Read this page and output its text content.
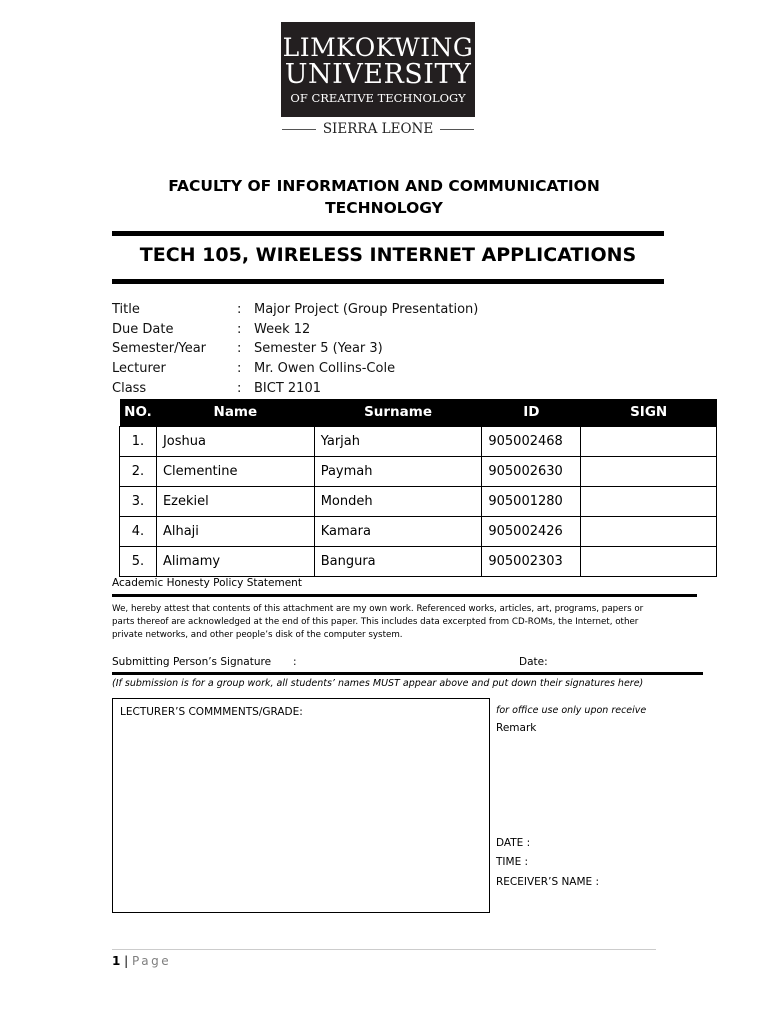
LIMKOKWING
UNIVERSITY
OF CREATIVE TECHNOLOGY
SIERRA LEONE
FACULTY OF INFORMATION AND COMMUNICATION TECHNOLOGY
TECH 105, WIRELESS INTERNET APPLICATIONS
Title	: Major Project (Group Presentation)
Due Date	: Week 12
Semester/Year	: Semester 5 (Year 3)
Lecturer	: Mr. Owen Collins-Cole
Class	: BICT 2101
NO.	Name	Surname	ID	SIGN
1.	Joshua	Yarjah	905002468	
2.	Clementine	Paymah	905002630	
3.	Ezekiel	Mondeh	905001280	
4.	Alhaji	Kamara	905002426	
5.	Alimamy	Bangura	905002303	
Academic Honesty Policy Statement
We, hereby attest that contents of this attachment are my own work. Referenced works, articles, art, programs, papers or parts thereof are acknowledged at the end of this paper. This includes data excerpted from CD-ROMs, the Internet, other private networks, and other people’s disk of the computer system.
Submitting Person’s Signature :	Date:
(If submission is for a group work, all students’ names MUST appear above and put down their signatures here)
LECTURER’S COMMMENTS/GRADE:	for office use only upon receive
Remark
DATE :
TIME :
RECEIVER’S NAME :
1 | Page
